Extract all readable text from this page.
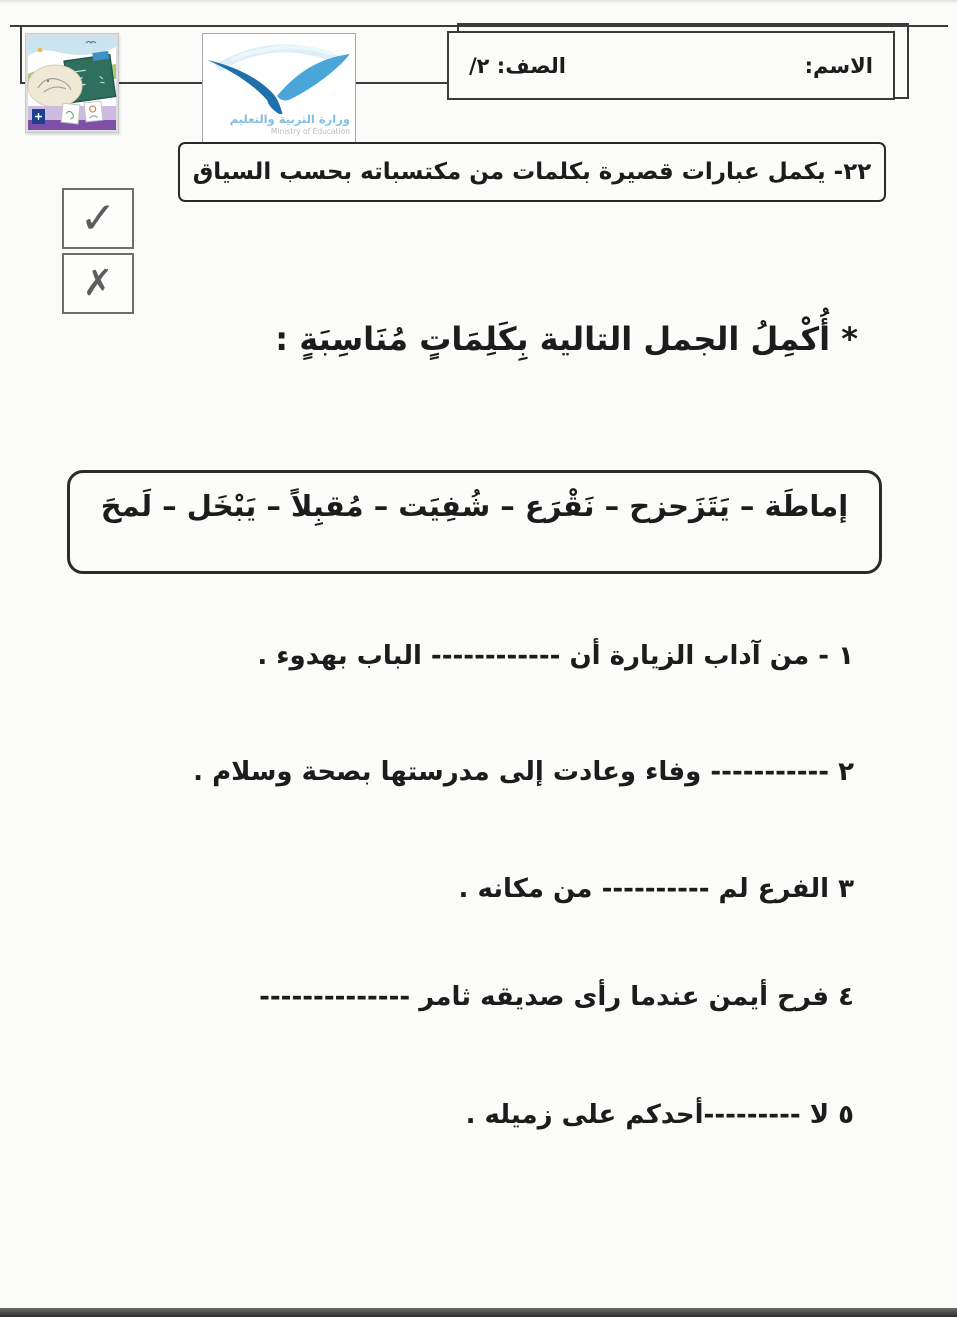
وزارة التربية والتعليم
Ministry of Education
الاسم:
الصف: ٢/
٢٢- يكمل عبارات قصيرة بكلمات من مكتسباته بحسب السياق
✓
✗
* أُكْمِلُ الجمل التالية بِكَلِمَاتٍ مُنَاسِبَةٍ :
إماطَة – يَتَزَحزح – نَقْرَع – شُفِيَت – مُقبِلاً – يَبْخَل – لَمحَ
١ - من آداب الزيارة أن ------------ الباب بهدوء .
٢ ----------- وفاء وعادت إلى مدرستها بصحة وسلام .
٣ الفرع لم ---------- من مكانه .
٤ فرح أيمن عندما رأى صديقه ثامر --------------
٥ لا ---------أحدكم على زميله .
